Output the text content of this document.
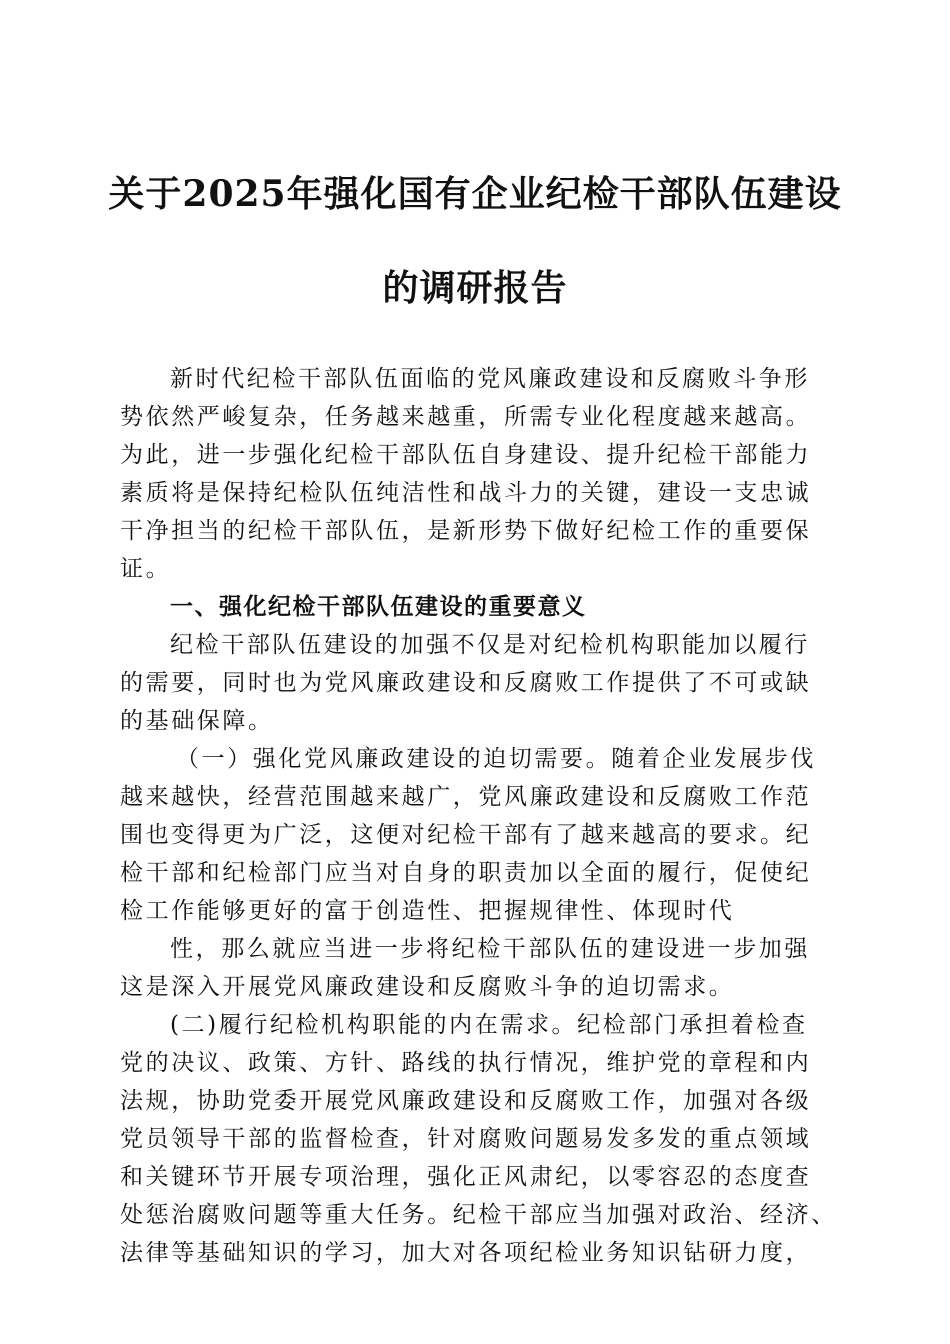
关于2025年强化国有企业纪检干部队伍建设
的调研报告
新时代纪检干部队伍面临的党风廉政建设和反腐败斗争形
势依然严峻复杂，任务越来越重，所需专业化程度越来越高。
为此，进一步强化纪检干部队伍自身建设、提升纪检干部能力
素质将是保持纪检队伍纯洁性和战斗力的关键，建设一支忠诚
干净担当的纪检干部队伍，是新形势下做好纪检工作的重要保
证。
一、强化纪检干部队伍建设的重要意义
纪检干部队伍建设的加强不仅是对纪检机构职能加以履行
的需要，同时也为党风廉政建设和反腐败工作提供了不可或缺
的基础保障。
（一）强化党风廉政建设的迫切需要。随着企业发展步伐
越来越快，经营范围越来越广，党风廉政建设和反腐败工作范
围也变得更为广泛，这便对纪检干部有了越来越高的要求。纪
检干部和纪检部门应当对自身的职责加以全面的履行，促使纪
检工作能够更好的富于创造性、把握规律性、体现时代
性，那么就应当进一步将纪检干部队伍的建设进一步加强
这是深入开展党风廉政建设和反腐败斗争的迫切需求。
(二)履行纪检机构职能的内在需求。纪检部门承担着检查
党的决议、政策、方针、路线的执行情况，维护党的章程和内
法规，协助党委开展党风廉政建设和反腐败工作，加强对各级
党员领导干部的监督检查，针对腐败问题易发多发的重点领域
和关键环节开展专项治理，强化正风肃纪，以零容忍的态度查
处惩治腐败问题等重大任务。纪检干部应当加强对政治、经济、
法律等基础知识的学习，加大对各项纪检业务知识钻研力度，
